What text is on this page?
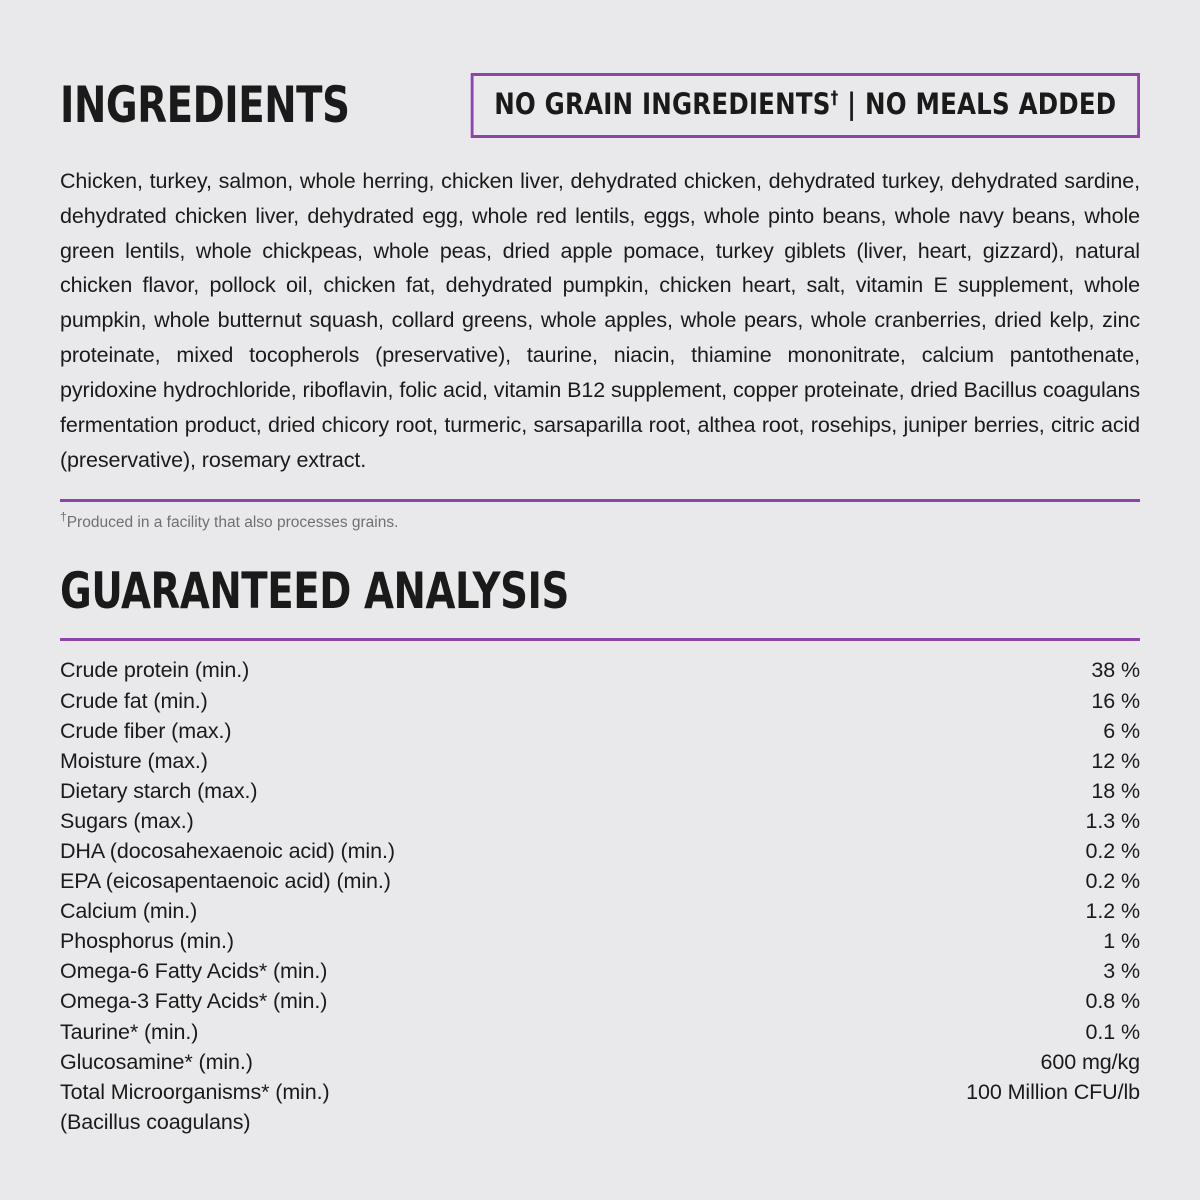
INGREDIENTS	NO GRAIN INGREDIENTS† | NO MEALS ADDED

Chicken, turkey, salmon, whole herring, chicken liver, dehydrated chicken, dehydrated turkey, dehydrated sardine, dehydrated chicken liver, dehydrated egg, whole red lentils, eggs, whole pinto beans, whole navy beans, whole green lentils, whole chickpeas, whole peas, dried apple pomace, turkey giblets (liver, heart, gizzard), natural chicken flavor, pollock oil, chicken fat, dehydrated pumpkin, chicken heart, salt, vitamin E supplement, whole pumpkin, whole butternut squash, collard greens, whole apples, whole pears, whole cranberries, dried kelp, zinc proteinate, mixed tocopherols (preservative), taurine, niacin, thiamine mononitrate, calcium pantothenate, pyridoxine hydrochloride, riboflavin, folic acid, vitamin B12 supplement, copper proteinate, dried Bacillus coagulans fermentation product, dried chicory root, turmeric, sarsaparilla root, althea root, rosehips, juniper berries, citric acid (preservative), rosemary extract.

†Produced in a facility that also processes grains.
GUARANTEED ANALYSIS
Crude protein (min.)	38 %
Crude fat (min.)	16 %
Crude fiber (max.)	6 %
Moisture (max.)	12 %
Dietary starch (max.)	18 %
Sugars (max.)	1.3 %
DHA (docosahexaenoic acid) (min.)	0.2 %
EPA (eicosapentaenoic acid) (min.)	0.2 %
Calcium (min.)	1.2 %
Phosphorus (min.)	1 %
Omega-6 Fatty Acids* (min.)	3 %
Omega-3 Fatty Acids* (min.)	0.8 %
Taurine* (min.)	0.1 %
Glucosamine* (min.)	600 mg/kg
Total Microorganisms* (min.)	100 Million CFU/lb
(Bacillus coagulans)
